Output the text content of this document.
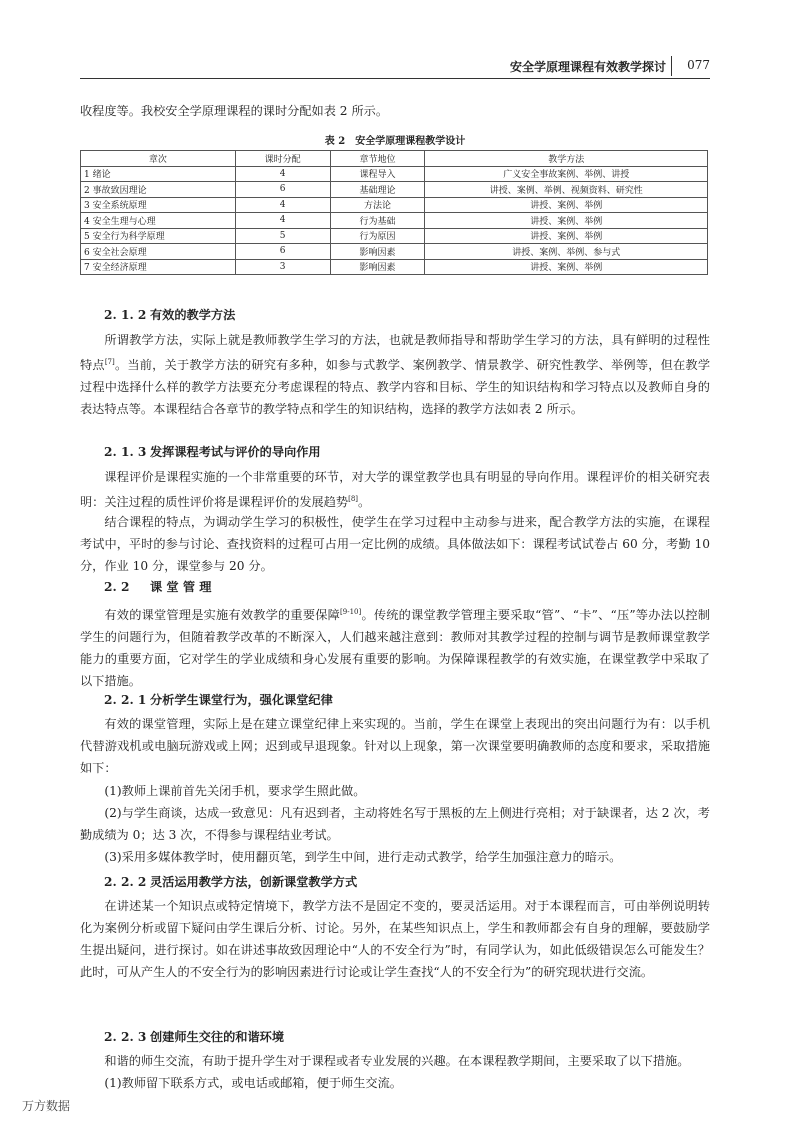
安全学原理课程有效教学探讨 077

收程度等。我校安全学原理课程的课时分配如表 2 所示。

表 2　安全学原理课程教学设计
章次	课时分配	章节地位	教学方法
1 绪论	4	课程导入	广义安全事故案例、举例、讲授
2 事故致因理论	6	基础理论	讲授、案例、举例、视频资料、研究性
3 安全系统原理	4	方法论	讲授、案例、举例
4 安全生理与心理	4	行为基础	讲授、案例、举例
5 安全行为科学原理	5	行为原因	讲授、案例、举例
6 安全社会原理	6	影响因素	讲授、案例、举例、参与式
7 安全经济原理	3	影响因素	讲授、案例、举例
2. 1. 2 有效的教学方法

所谓教学方法，实际上就是教师教学生学习的方法，也就是教师指导和帮助学生学习的方法，具有鲜明的过程性特点[7]。当前，关于教学方法的研究有多种，如参与式教学、案例教学、情景教学、研究性教学、举例等，但在教学过程中选择什么样的教学方法要充分考虑课程的特点、教学内容和目标、学生的知识结构和学习特点以及教师自身的表达特点等。本课程结合各章节的教学特点和学生的知识结构，选择的教学方法如表 2 所示。

2. 1. 3 发挥课程考试与评价的导向作用

课程评价是课程实施的一个非常重要的环节，对大学的课堂教学也具有明显的导向作用。课程评价的相关研究表明：关注过程的质性评价将是课程评价的发展趋势[8]。

结合课程的特点，为调动学生学习的积极性，使学生在学习过程中主动参与进来，配合教学方法的实施，在课程考试中，平时的参与讨论、查找资料的过程可占用一定比例的成绩。具体做法如下：课程考试试卷占 60 分，考勤 10 分，作业 10 分，课堂参与 20 分。

2. 2 课 堂 管 理

有效的课堂管理是实施有效教学的重要保障[9-10]。传统的课堂教学管理主要采取“管”、“卡”、“压”等办法以控制学生的问题行为，但随着教学改革的不断深入，人们越来越注意到：教师对其教学过程的控制与调节是教师课堂教学能力的重要方面，它对学生的学业成绩和身心发展有重要的影响。为保障课程教学的有效实施，在课堂教学中采取了以下措施。

2. 2. 1 分析学生课堂行为，强化课堂纪律

有效的课堂管理，实际上是在建立课堂纪律上来实现的。当前，学生在课堂上表现出的突出问题行为有：以手机代替游戏机或电脑玩游戏或上网；迟到或早退现象。针对以上现象，第一次课堂要明确教师的态度和要求，采取措施如下：

(1)教师上课前首先关闭手机，要求学生照此做。

(2)与学生商谈，达成一致意见：凡有迟到者，主动将姓名写于黑板的左上侧进行亮相；对于缺课者，达 2 次，考勤成绩为 0；达 3 次，不得参与课程结业考试。

(3)采用多媒体教学时，使用翻页笔，到学生中间，进行走动式教学，给学生加强注意力的暗示。

2. 2. 2 灵活运用教学方法，创新课堂教学方式

在讲述某一个知识点或特定情境下，教学方法不是固定不变的，要灵活运用。对于本课程而言，可由举例说明转化为案例分析或留下疑问由学生课后分析、讨论。另外，在某些知识点上，学生和教师都会有自身的理解，要鼓励学生提出疑问，进行探讨。如在讲述事故致因理论中“人的不安全行为”时，有同学认为，如此低级错误怎么可能发生？此时，可从产生人的不安全行为的影响因素进行讨论或让学生查找“人的不安全行为”的研究现状进行交流。

2. 2. 3 创建师生交往的和谐环境

和谐的师生交流，有助于提升学生对于课程或者专业发展的兴趣。在本课程教学期间，主要采取了以下措施。

(1)教师留下联系方式，或电话或邮箱，便于师生交流。

万方数据
